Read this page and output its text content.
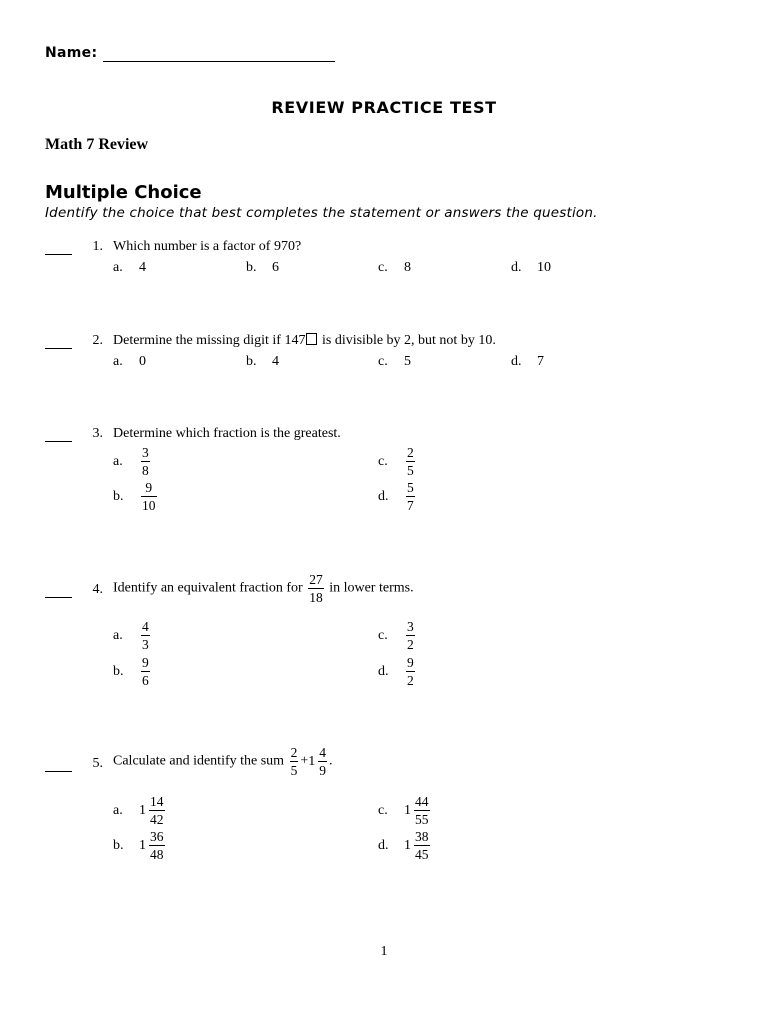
Name:
REVIEW PRACTICE TEST
Math 7 Review
Multiple Choice
Identify the choice that best completes the statement or answers the question.
1. Which number is a factor of 970?
a. 4	b. 6	c. 8	d. 10
2. Determine the missing digit if 147 is divisible by 2, but not by 10.
a. 0	b. 4	c. 5	d. 7
3. Determine which fraction is the greatest.
a. $\frac{3}{8}$
b. $\frac{9}{10}$
c. $\frac{2}{5}$
d. $\frac{5}{7}$
4. Identify an equivalent fraction for $\frac{27}{18}$ in lower terms.
a. $\frac{4}{3}$
b. $\frac{9}{6}$
c. $\frac{3}{2}$
d. $\frac{9}{2}$
5. Calculate and identify the sum $\frac{2}{5} +1 \frac{4}{9}$ .
a. $1 \frac{14}{42}$
b. $1 \frac{36}{48}$
c. $1 \frac{44}{55}$
d. $1 \frac{38}{45}$
1
